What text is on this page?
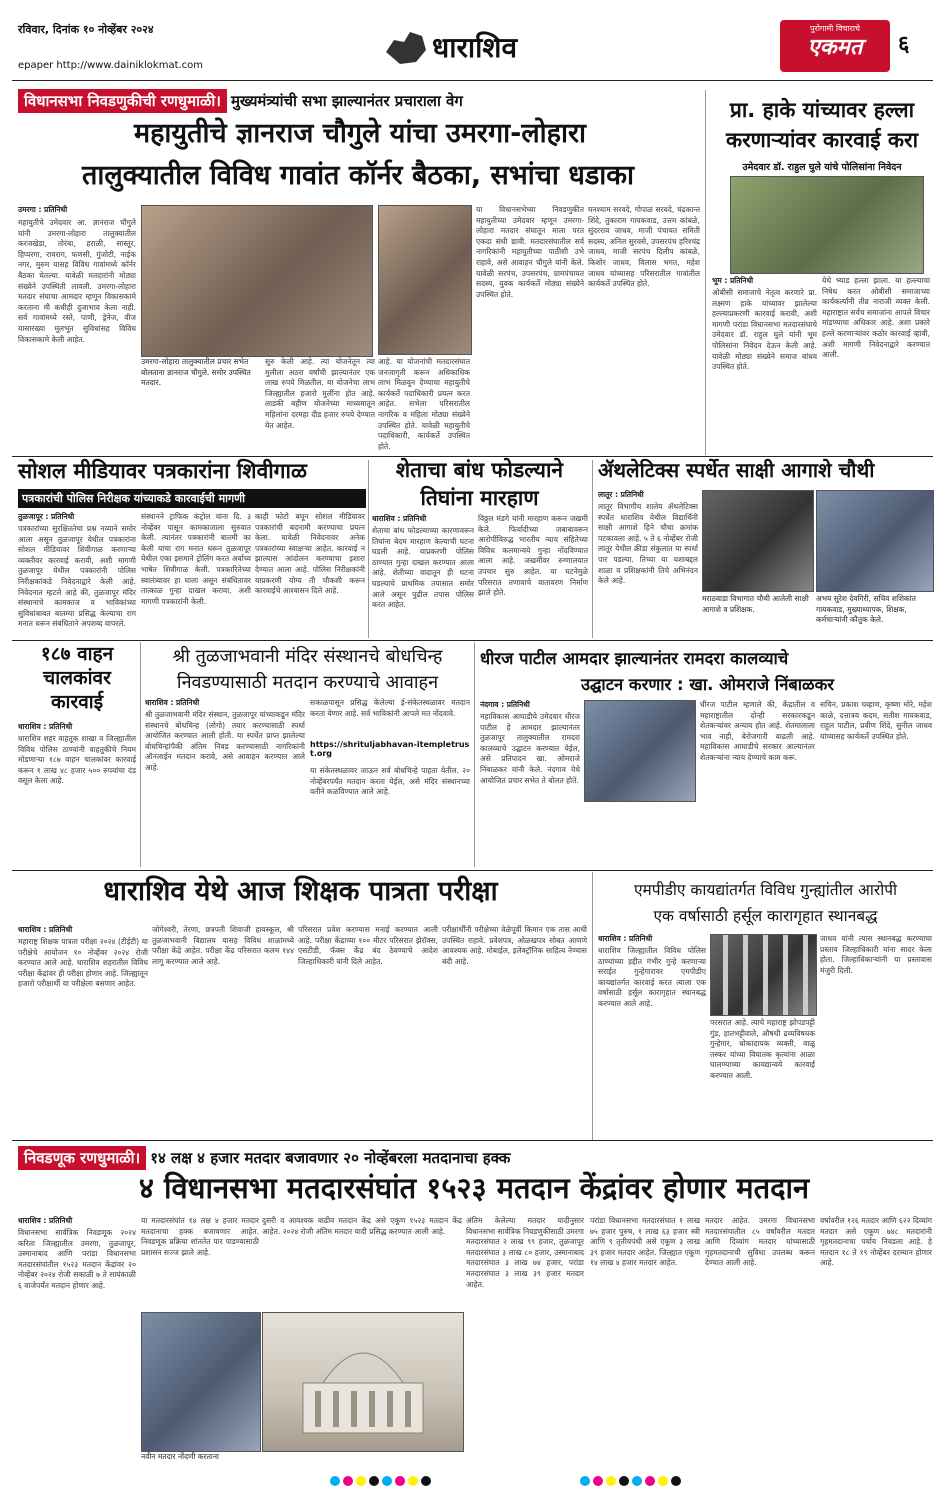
रविवार, दिनांक १० नोव्हेंबर २०२४
epaper http://www.dainiklokmat.com
धाराशिव
पुरोगामी विचाराचे
एकमत	६
विधानसभा निवडणुकीची रणधुमाळी। मुख्यमंत्र्यांची सभा झाल्यानंतर प्रचाराला वेग
महायुतीचे ज्ञानराज चौगुले यांचा उमरगा-लोहारा
तालुक्यातील विविध गावांत कॉर्नर बैठका, सभांचा धडाका
उमरगा : प्रतिनिधी
महायुतीचे उमेदवार आ. ज्ञानराज चौगुले यांनी उमरगा-लोहारा तालुक्यातील करजखेडा, तोरंबा, हराळी, सास्तूर, हिप्परगा, रावराग, फणसी, गुंजोटी, नाईक नगर, मुरुम यासह विविध गावांमध्ये कॉर्नर बैठका घेतल्या. यावेळी मतदारांनी मोठ्या संख्येने उपस्थिती लावली. उमरगा-लोहारा मतदार संघाचा आमदार म्हणून विकासकामे करताना मी कधीही दुजाभाव केला नाही. सर्व गावांमध्ये रस्ते, पाणी, ड्रेनेज, वीज यासारख्या मूलभूत सुविधांसह विविध विकासकामे केली आहेत.
उमरगा-लोहारा तालुक्यातील प्रचार सभेत बोलताना ज्ञानराज चौगुले. समोर उपस्थित मतदार.
सुरु केली आहे. त्या योजनेतून त्या मुलीला अठरा वर्षांची झाल्यानंतर एक लाख रुपये मिळतील. या योजनेचा लाभ जिल्ह्यातील हजारो मुलींना होत आहे. लाडकी बहीण योजनेच्या माध्यमातून महिलांना दरमहा दीड हजार रुपये देण्यात येत आहेत.
आहे. या योजनांची मतदारसंघात जनजागृती करून अधिकाधिक लाभ मिळवून देण्याचा महायुतीचे कार्यकर्ते पदाधिकारी प्रयत्न करत आहेत. सभेला परिसरातील नागरिक व महिला मोठ्या संख्येने उपस्थित होते. यावेळी महायुतीचे पदाधिकारी, कार्यकर्ते उपस्थित होते.
या विधानसभेच्या निवडणुकीत महायुतीच्या उमेदवार म्हणून उमरगा-लोहारा मतदार संघातून माला परत एकदा संधी द्यावी. मतदारसंघातील सर्व नागरिकांनी महायुतीच्या पाठीशी उभे राहावे, असे आवाहन चौगुले यांनी केले. यावेळी सरपंच, उपसरपंच, ग्रामपंचायत सदस्य, युवक कार्यकर्ते मोठ्या संख्येने उपस्थित होते.
घनश्याम सरवदे, गोपाळ सरवदे, चंद्रकान्त शिंदे, तुकाराम गायकवाड, उत्तम कांबळे, सुंदरराव जाधव, माजी पंचायत समिती सदस्य, अनिल सुरवसे, उपसरपंच हरिश्चंद्र जाधव, माजी सरपंच दिलीप कांबळे, किशोर जाधव, विलास भगत, महेश जाधव यांच्यासह परिसरातील गावांतील कार्यकर्ते उपस्थित होते.
प्रा. हाके यांच्यावर हल्ला
करणाऱ्यांवर कारवाई करा
उमेदवार डॉ. राहुल घुले यांचे पोलिसांना निवेदन
भूम : प्रतिनिधी
ओबीसी समाजाचे नेतृत्व करणारे प्रा. लक्ष्मण हाके यांच्यावर झालेल्या हल्ल्याप्रकरणी कारवाई करावी, अशी मागणी परांडा विधानसभा मतदारसंघाचे उमेदवार डॉ. राहुल घुले यांनी भूम पोलिसांना निवेदन देऊन केली आहे. यावेळी मोठ्या संख्येने समाज बांधव उपस्थित होते.
येथे भ्याड हल्ला झाला. या हल्ल्याचा निषेध करत ओबीसी समाजाच्या कार्यकर्त्यांनी तीव्र नाराजी व्यक्त केली. महाराष्ट्रात सर्वच समाजांना आपले विचार मांडण्याचा अधिकार आहे. अशा प्रकारे हल्ले करणाऱ्यांवर कठोर कारवाई व्हावी, अशी मागणी निवेदनाद्वारे करण्यात आली.
सोशल मीडियावर पत्रकारांना शिवीगाळ
पत्रकारांची पोलिस निरीक्षक यांच्याकडे कारवाईची मागणी
तुळजापूर : प्रतिनिधी
पत्रकारांच्या सुरक्षिततेचा प्रश्न नव्याने समोर आला असून तुळजापूर येथील पत्रकारांना सोशल मीडियावर शिवीगाळ करणाऱ्या व्यक्तीवर कारवाई करावी, अशी मागणी तुळजापूर येथील पत्रकारांनी पोलिस निरीक्षकांकडे निवेदनाद्वारे केली आहे. निवेदनात म्हटले आहे की, तुळजापूर मंदिर संस्थानाचे कामकाज व भाविकांच्या सुविधांबाबत बातम्या प्रसिद्ध केल्याचा राग मनात धरून संबंधिताने अपशब्द वापरले.
संस्थानने ट्राफिक कंट्रोल यांना दि. ३ नोव्हेंबर पासून कामकाजाला सुरुवात केली. त्यानंतर पत्रकारांनी बातमी का केली याचा राग मनात धरून तुळजापूर येथील एका इसमाने ट्रोलिंग करत अर्वाच्य भाषेत शिवीगाळ केली. पत्रकारितेच्या स्वातंत्र्यावर हा घाला असून संबंधितावर तात्काळ गुन्हा दाखल करावा, अशी मागणी पत्रकारांनी केली.
काही फोटो बघून सोशल मीडियावर पत्रकारांची बदनामी करण्याचा प्रयत्न केला. यावेळी निवेदनावर अनेक पत्रकारांच्या स्वाक्षऱ्या आहेत. कारवाई न झाल्यास आंदोलन करण्याचा इशारा देण्यात आला आहे. पोलिस निरीक्षकांनी याप्रकरणी योग्य ती चौकशी करून कारवाईचे आश्वासन दिले आहे.
शेताचा बांध फोडल्याने
तिघांना मारहाण
धाराशिव : प्रतिनिधी
शेताचा बांध फोडल्याच्या कारणावरून तिघांना बेदम मारहाण केल्याची घटना घडली आहे. याप्रकरणी पोलिस ठाण्यात गुन्हा दाखल करण्यात आला आहे. शेतीच्या वादातून ही घटना घडल्याचे प्राथमिक तपासात समोर आले असून पुढील तपास पोलिस करत आहेत.
विठ्ठल मंडगे यांनी मारहाण करून जखमी केले. फिर्यादीच्या जबाबावरून आरोपींविरुद्ध भारतीय न्याय संहितेच्या विविध कलमान्वये गुन्हा नोंदविण्यात आला आहे. जखमींवर रुग्णालयात उपचार सुरु आहेत. या घटनेमुळे परिसरात तणावाचे वातावरण निर्माण झाले होते.
ॲथलेटिक्स स्पर्धेत साक्षी आगाशे चौथी
लातूर : प्रतिनिधी
लातूर विभागीय शालेय ॲथलेटिक्स स्पर्धेत धाराशिव येथील विद्यार्थिनी साक्षी आगाशे हिने चौथा क्रमांक पटकावला आहे. ५ ते ६ नोव्हेंबर रोजी लातूर येथील क्रीडा संकुलात या स्पर्धा पार पडल्या. तिच्या या यशाबद्दल शाळा व प्रशिक्षकांनी तिचे अभिनंदन केले आहे.
मराठवाडा विभागात चौथी आलेली साक्षी आगाशे व प्रशिक्षक.
अभय सुरेश देवगिरी, सचिव शशिकांत गायकवाड, मुख्याध्यापक, शिक्षक, कर्मचाऱ्यांनी कौतुक केले.
१८७ वाहन
चालकांवर
कारवाई
धाराशिव : प्रतिनिधी
धाराशिव शहर वाहतूक शाखा व जिल्ह्यातील विविध पोलिस ठाण्यांनी वाहतुकीचे नियम मोडणाऱ्या १८७ वाहन चालकांवर कारवाई करून १ लाख ४८ हजार ५०० रुपयांचा दंड वसूल केला आहे.
श्री तुळजाभवानी मंदिर संस्थानचे बोधचिन्ह
निवडण्यासाठी मतदान करण्याचे आवाहन
धाराशिव : प्रतिनिधी
श्री तुळजाभवानी मंदिर संस्थान, तुळजापूर यांच्याकडून मंदिर संस्थानचे बोधचिन्ह (लोगो) तयार करण्यासाठी स्पर्धा आयोजित करण्यात आली होती. या स्पर्धेत प्राप्त झालेल्या बोधचिन्हांपैकी अंतिम निवड करण्यासाठी नागरिकांनी ऑनलाईन मतदान करावे, असे आवाहन करण्यात आले आहे.
सकाळपासून प्रसिद्ध केलेल्या ई-संकेतस्थळावर मतदान करता येणार आहे. सर्व भाविकांनी आपले मत नोंदवावे.
https://shritulјabhavan-itempletrust.org
या संकेतस्थळावर जाऊन सर्व बोधचिन्हे पाहता येतील. २० नोव्हेंबरपर्यंत मतदान करता येईल, असे मंदिर संस्थानच्या वतीने कळविण्यात आले आहे.
धीरज पाटील आमदार झाल्यानंतर रामदरा कालव्याचे
उद्घाटन करणार : खा. ओमराजे निंबाळकर
नंदगाव : प्रतिनिधी
महाविकास आघाडीचे उमेदवार धीरज पाटील हे आमदार झाल्यानंतर तुळजापूर तालुक्यातील रामदरा कालव्याचे उद्घाटन करण्यात येईल, असे प्रतिपादन खा. ओमराजे निंबाळकर यांनी केले. नंदगाव येथे आयोजित प्रचार सभेत ते बोलत होते.
धीरज पाटील म्हणाले की, केंद्रातील व महाराष्ट्रातील दोन्ही सरकारकडून शेतकऱ्यांवर अन्याय होत आहे. शेतमालाला भाव नाही, बेरोजगारी वाढली आहे. महाविकास आघाडीचे सरकार आल्यानंतर शेतकऱ्यांना न्याय देण्याचे काम करू.
सचिन, प्रकाश चव्हाण, कृष्णा मोरे, महेश काळे, दत्तात्रय कदम, सतीश गायकवाड, राहुल पाटील, प्रवीण शिंदे, सुनील जाधव यांच्यासह कार्यकर्ते उपस्थित होते.
धाराशिव येथे आज शिक्षक पात्रता परीक्षा
धाराशिव : प्रतिनिधी
महाराष्ट्र शिक्षक पात्रता परीक्षा २०२४ (टीईटी) या परीक्षेचे आयोजन १० नोव्हेंबर २०२४ रोजी करण्यात आले आहे. धाराशिव शहरातील विविध परीक्षा केंद्रांवर ही परीक्षा होणार आहे. जिल्ह्यातून हजारो परीक्षार्थी या परीक्षेला बसणार आहेत.
जोगेश्वरी, तेरणा, छत्रपती शिवाजी हायस्कूल, श्री तुळजाभवानी विद्यालय यासह विविध शाळांमध्ये परीक्षा केंद्रे आहेत. परीक्षा केंद्र परिसरात कलम १४४ लागू करण्यात आले आहे.
परिसरात प्रवेश करण्यास मनाई करण्यात आली आहे. परीक्षा केंद्राच्या १०० मीटर परिसरात झेरॉक्स, एसटीडी, फॅक्स केंद्र बंद ठेवण्याचे आदेश जिल्हाधिकारी यांनी दिले आहेत.
परीक्षार्थींनी परीक्षेच्या वेळेपूर्वी किमान एक तास आधी उपस्थित राहावे. प्रवेशपत्र, ओळखपत्र सोबत आणणे आवश्यक आहे. मोबाईल, इलेक्ट्रॉनिक साहित्य नेण्यास बंदी आहे.
एमपीडीए कायद्यांतर्गत विविध गुन्ह्यांतील आरोपी
एक वर्षासाठी हर्सूल कारागृहात स्थानबद्ध
धाराशिव : प्रतिनिधी
धाराशिव जिल्ह्यातील विविध पोलिस ठाण्यांच्या हद्दीत गंभीर गुन्हे करणाऱ्या सराईत गुन्हेगारावर एमपीडीए कायद्यांतर्गत कारवाई करत त्याला एक वर्षासाठी हर्सूल कारागृहात स्थानबद्ध करण्यात आले आहे.
परसरात आहे. त्याचे महाराष्ट्र झोपडपट्टी गुंड, हातभट्टीवाले, औषधी द्रव्यविषयक गुन्हेगार, धोकादायक व्यक्ती, वाळू तस्कर यांच्या विघातक कृत्यांना आळा घालण्याच्या कायद्यान्वये कारवाई करण्यात आली.
जाधव यांनी त्यास स्थानबद्ध करण्याचा प्रस्ताव जिल्हाधिकारी यांना सादर केला होता. जिल्हाधिकाऱ्यांनी या प्रस्तावास मंजुरी दिली.
निवडणूक रणधुमाळी। १४ लक्ष ४ हजार मतदार बजावणार २० नोव्हेंबरला मतदानाचा हक्क
४ विधानसभा मतदारसंघांत १५२३ मतदान केंद्रांवर होणार मतदान
धाराशिव : प्रतिनिधी
विधानसभा सार्वत्रिक निवडणूक २०२४ करिता जिल्ह्यातील उमरगा, तुळजापूर, उस्मानाबाद आणि परांडा विधानसभा मतदारसंघांतील १५२३ मतदान केंद्रांवर २० नोव्हेंबर २०२४ रोजी सकाळी ७ ते सायंकाळी ६ वाजेपर्यंत मतदान होणार आहे.
या मतदारसंघांत १४ लक्ष ४ हजार मतदार मतदानाचा हक्क बजावणार आहेत. निवडणूक प्रक्रिया शांततेत पार पाडण्यासाठी प्रशासन सज्ज झाले आहे.
नवीन मतदार नोंदणी करताना
दुसरी व आवश्यक वाढीव मतदान केंद्र असे एकूण १५२३ मतदान केंद्र आहेत. २०२४ रोजी अंतिम मतदार यादी प्रसिद्ध करण्यात आली आहे.
अंतिम केलेल्या मतदार यादीनुसार विधानसभा सार्वत्रिक निवडणुकीसाठी उमरगा मतदारसंघात २ लाख ९९ हजार, तुळजापूर मतदारसंघात ३ लाख ८० हजार, उस्मानाबाद मतदारसंघात ३ लाख ७४ हजार, परांडा मतदारसंघात ३ लाख ३९ हजार मतदार आहेत.
परांडा विधानसभा मतदारसंघात १ लाख ७५ हजार पुरुष, १ लाख ६३ हजार स्त्री आणि ९ तृतीयपंथी असे एकूण ३ लाख ३९ हजार मतदार आहेत. जिल्ह्यात एकूण १४ लाख ४ हजार मतदार आहेत.
मतदार आहेत. उमरगा विधानसभा मतदारसंघातील ८५ वर्षांवरील मतदार आणि दिव्यांग मतदार यांच्यासाठी गृहमतदानाची सुविधा उपलब्ध करून देण्यात आली आहे.
वर्षावरील १२६ मतदार आणि ६२२ दिव्यांग मतदार असे एकूण ७४८ मतदारांनी गृहमतदानाचा पर्याय निवडला आहे. हे मतदान १८ ते १९ नोव्हेंबर दरम्यान होणार आहे.
